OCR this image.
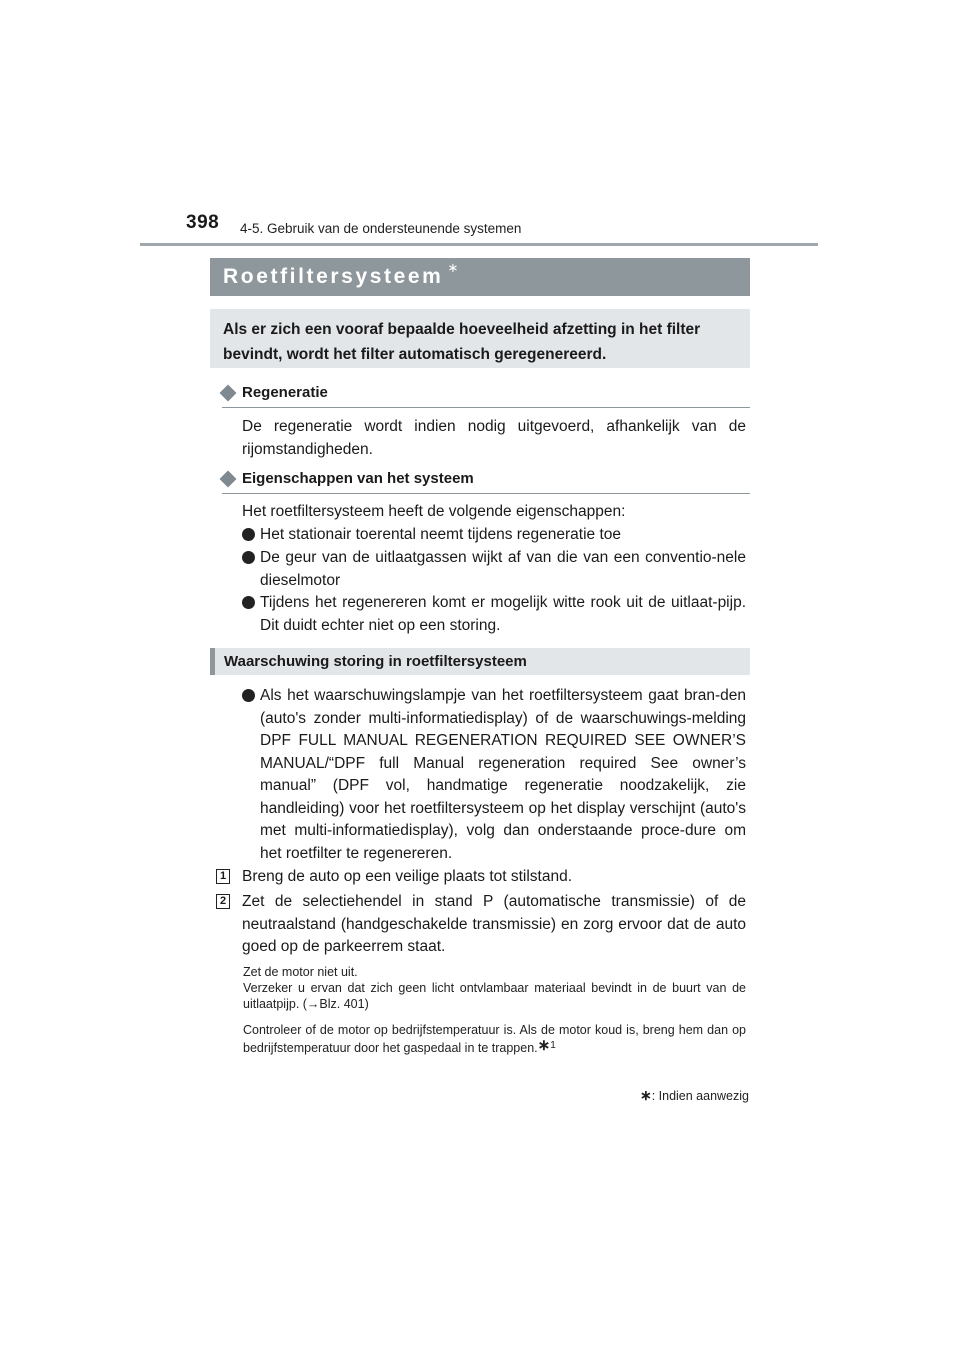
398 4-5. Gebruik van de ondersteunende systemen
Roetfiltersysteem ∗
Als er zich een vooraf bepaalde hoeveelheid afzetting in het filter bevindt, wordt het filter automatisch geregenereerd.
Regeneratie
De regeneratie wordt indien nodig uitgevoerd, afhankelijk van de rijomstandigheden.
Eigenschappen van het systeem
Het roetfiltersysteem heeft de volgende eigenschappen:
Het stationair toerental neemt tijdens regeneratie toe
De geur van de uitlaatgassen wijkt af van die van een conventio-nele dieselmotor
Tijdens het regenereren komt er mogelijk witte rook uit de uitlaat-pijp. Dit duidt echter niet op een storing.
Waarschuwing storing in roetfiltersysteem
Als het waarschuwingslampje van het roetfiltersysteem gaat bran-den (auto's zonder multi-informatiedisplay) of de waarschuwings-melding DPF FULL MANUAL REGENERATION REQUIRED SEE OWNER’S MANUAL/“DPF full Manual regeneration required See owner’s manual” (DPF vol, handmatige regeneratie noodzakelijk, zie handleiding) voor het roetfiltersysteem op het display verschijnt (auto's met multi-informatiedisplay), volg dan onderstaande proce-dure om het roetfilter te regenereren.
1 Breng de auto op een veilige plaats tot stilstand.
2 Zet de selectiehendel in stand P (automatische transmissie) of de neutraalstand (handgeschakelde transmissie) en zorg ervoor dat de auto goed op de parkeerrem staat.
Zet de motor niet uit.
Verzeker u ervan dat zich geen licht ontvlambaar materiaal bevindt in de buurt van de uitlaatpijp. (→Blz. 401)
Controleer of de motor op bedrijfstemperatuur is. Als de motor koud is, breng hem dan op bedrijfstemperatuur door het gaspedaal in te trappen.∗$^1$
∗: Indien aanwezig
